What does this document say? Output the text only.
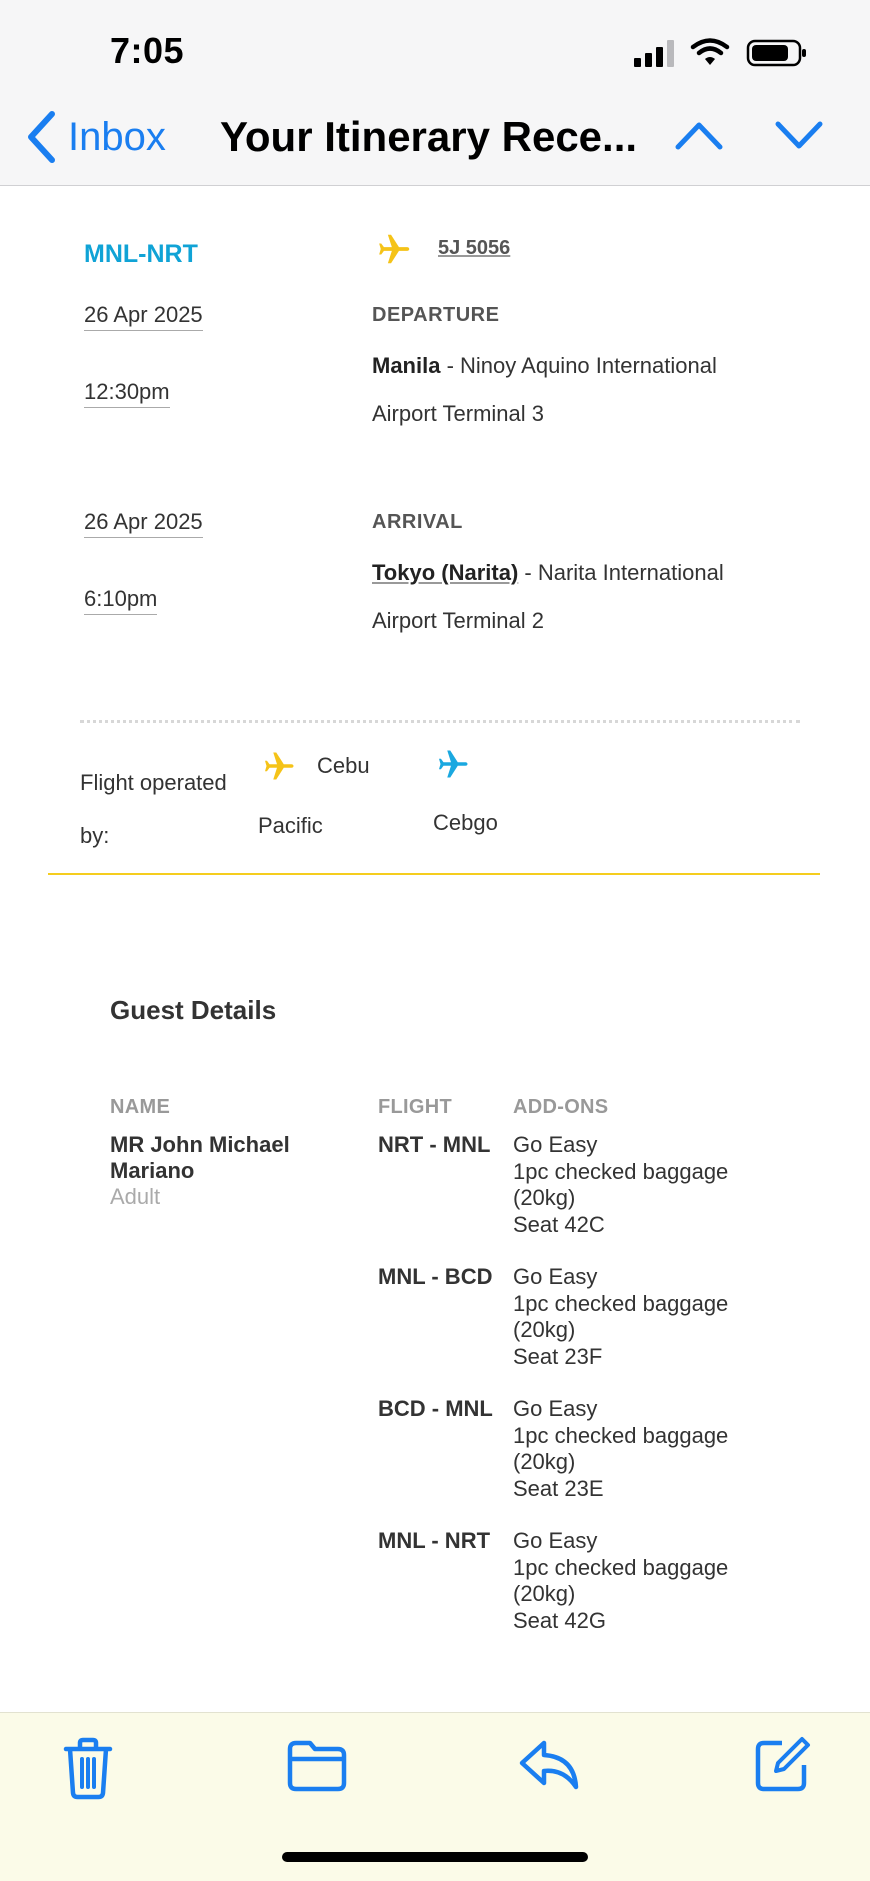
7:05
Inbox Your Itinerary Rece...
MNL-NRT	5J 5056
26 Apr 2025
12:30pm
DEPARTURE
Manila - Ninoy Aquino International
Airport Terminal 3
26 Apr 2025
6:10pm
ARRIVAL
Tokyo (Narita) - Narita International
Airport Terminal 2
Flight operated by:
Cebu
Pacific	Cebgo
Guest Details
NAME	FLIGHT	ADD-ONS
MR John Michael Mariano
Adult
NRT - MNL Go Easy
1pc checked baggage (20kg)
Seat 42C
MNL - BCD Go Easy
1pc checked baggage (20kg)
Seat 23F
BCD - MNL Go Easy
1pc checked baggage (20kg)
Seat 23E
MNL - NRT Go Easy
1pc checked baggage (20kg)
Seat 42G
